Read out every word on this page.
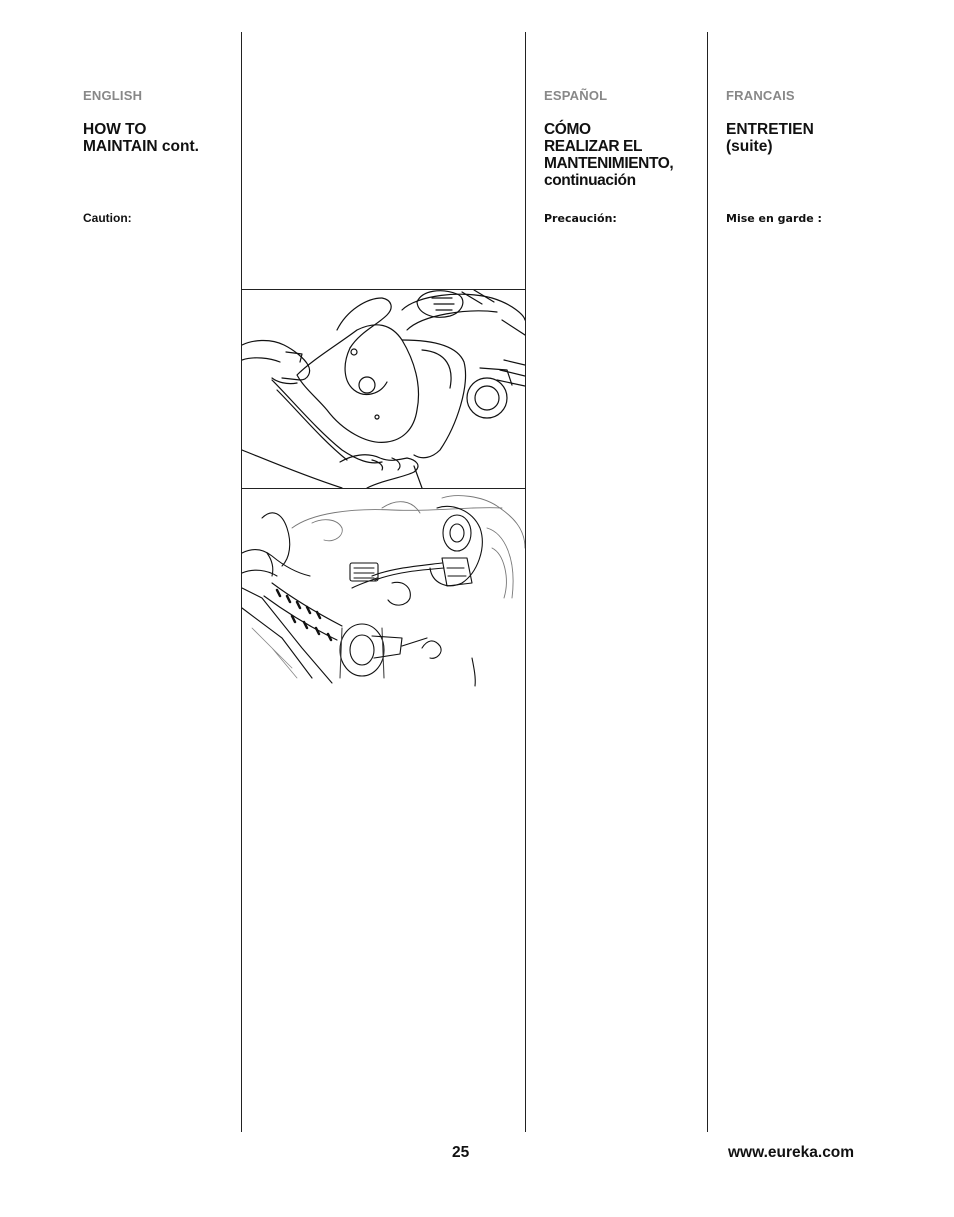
ENGLISH
HOW TO
MAINTAIN cont.
Caution:
ESPAÑOL
CÓMO
REALIZAR EL
MANTENIMIENTO,
continuación
Precaución:
FRANCAIS
ENTRETIEN
(suite)
Mise en garde :
25	www.eureka.com
